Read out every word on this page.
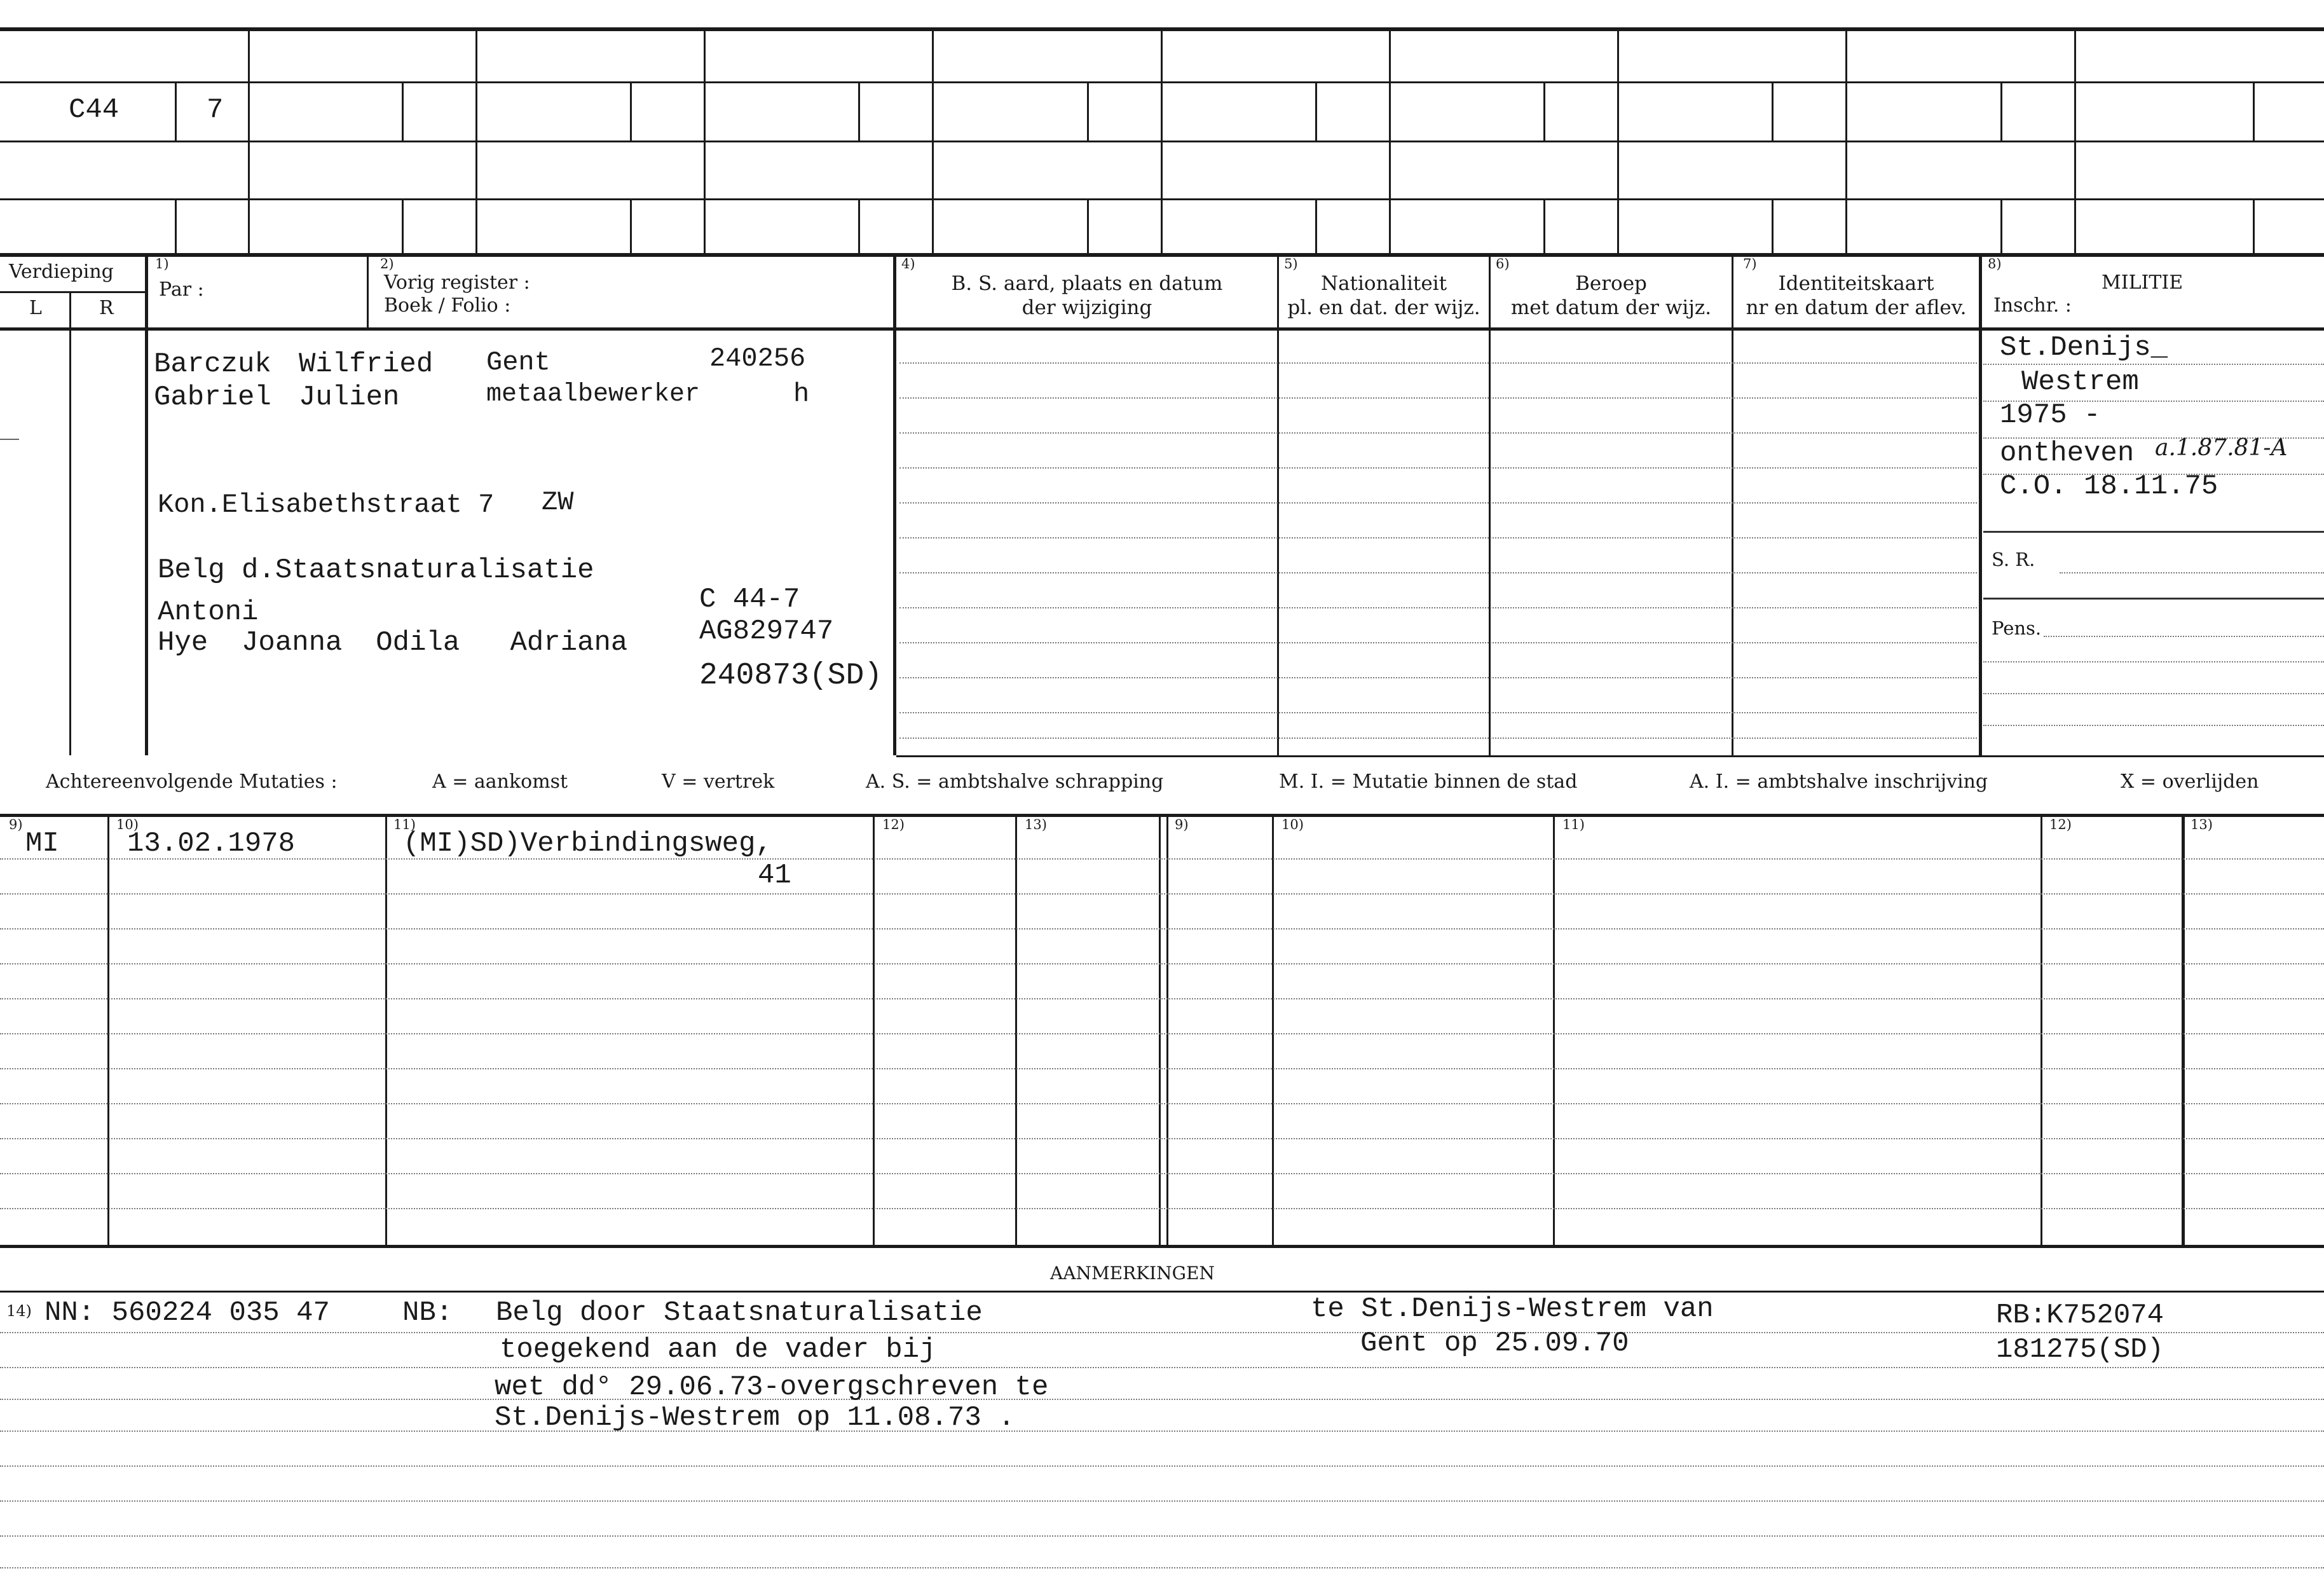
C44	7
Verdieping
L	R
1)
Par :
2)
Vorig register :
Boek / Folio :
4)
B. S. aard, plaats en datum
der wijziging
5)
Nationaliteit
pl. en dat. der wijz.
6)
Beroep
met datum der wijz.
7)
Identiteitskaart
nr en datum der aflev.
8)
MILITIE
Inschr. :
Barczuk Wilfried Gent	240256
Gabriel Julien	metaalbewerker	h
Kon.Elisabethstraat 7 ZW
Belg d.Staatsnaturalisatie
Antoni
Hye  Joanna  Odila   Adriana
C 44-7
AG829747
240873(SD)
St.Denijs_
Westrem
1975 -
ontheven a.1.87.81-A
C.O. 18.11.75
S. R.
Pens.
Achtereenvolgende Mutaties :	A = aankomst	V = vertrek	A. S. = ambtshalve schrapping	M. I. = Mutatie binnen de stad	A. I. = ambtshalve inschrijving	X = overlijden
9)	10)	11)	12)	13)	9)	10)	11)	12)	13)
MI 13.02.1978	(MI)SD)Verbindingsweg,
41
AANMERKINGEN
14) NN: 560224 035 47	NB: Belg door Staatsnaturalisatie
toegekend aan de vader bij
wet dd° 29.06.73-overgschreven te
St.Denijs-Westrem op 11.08.73 .
te St.Denijs-Westrem van
Gent op 25.09.70
RB:K752074
181275(SD)
